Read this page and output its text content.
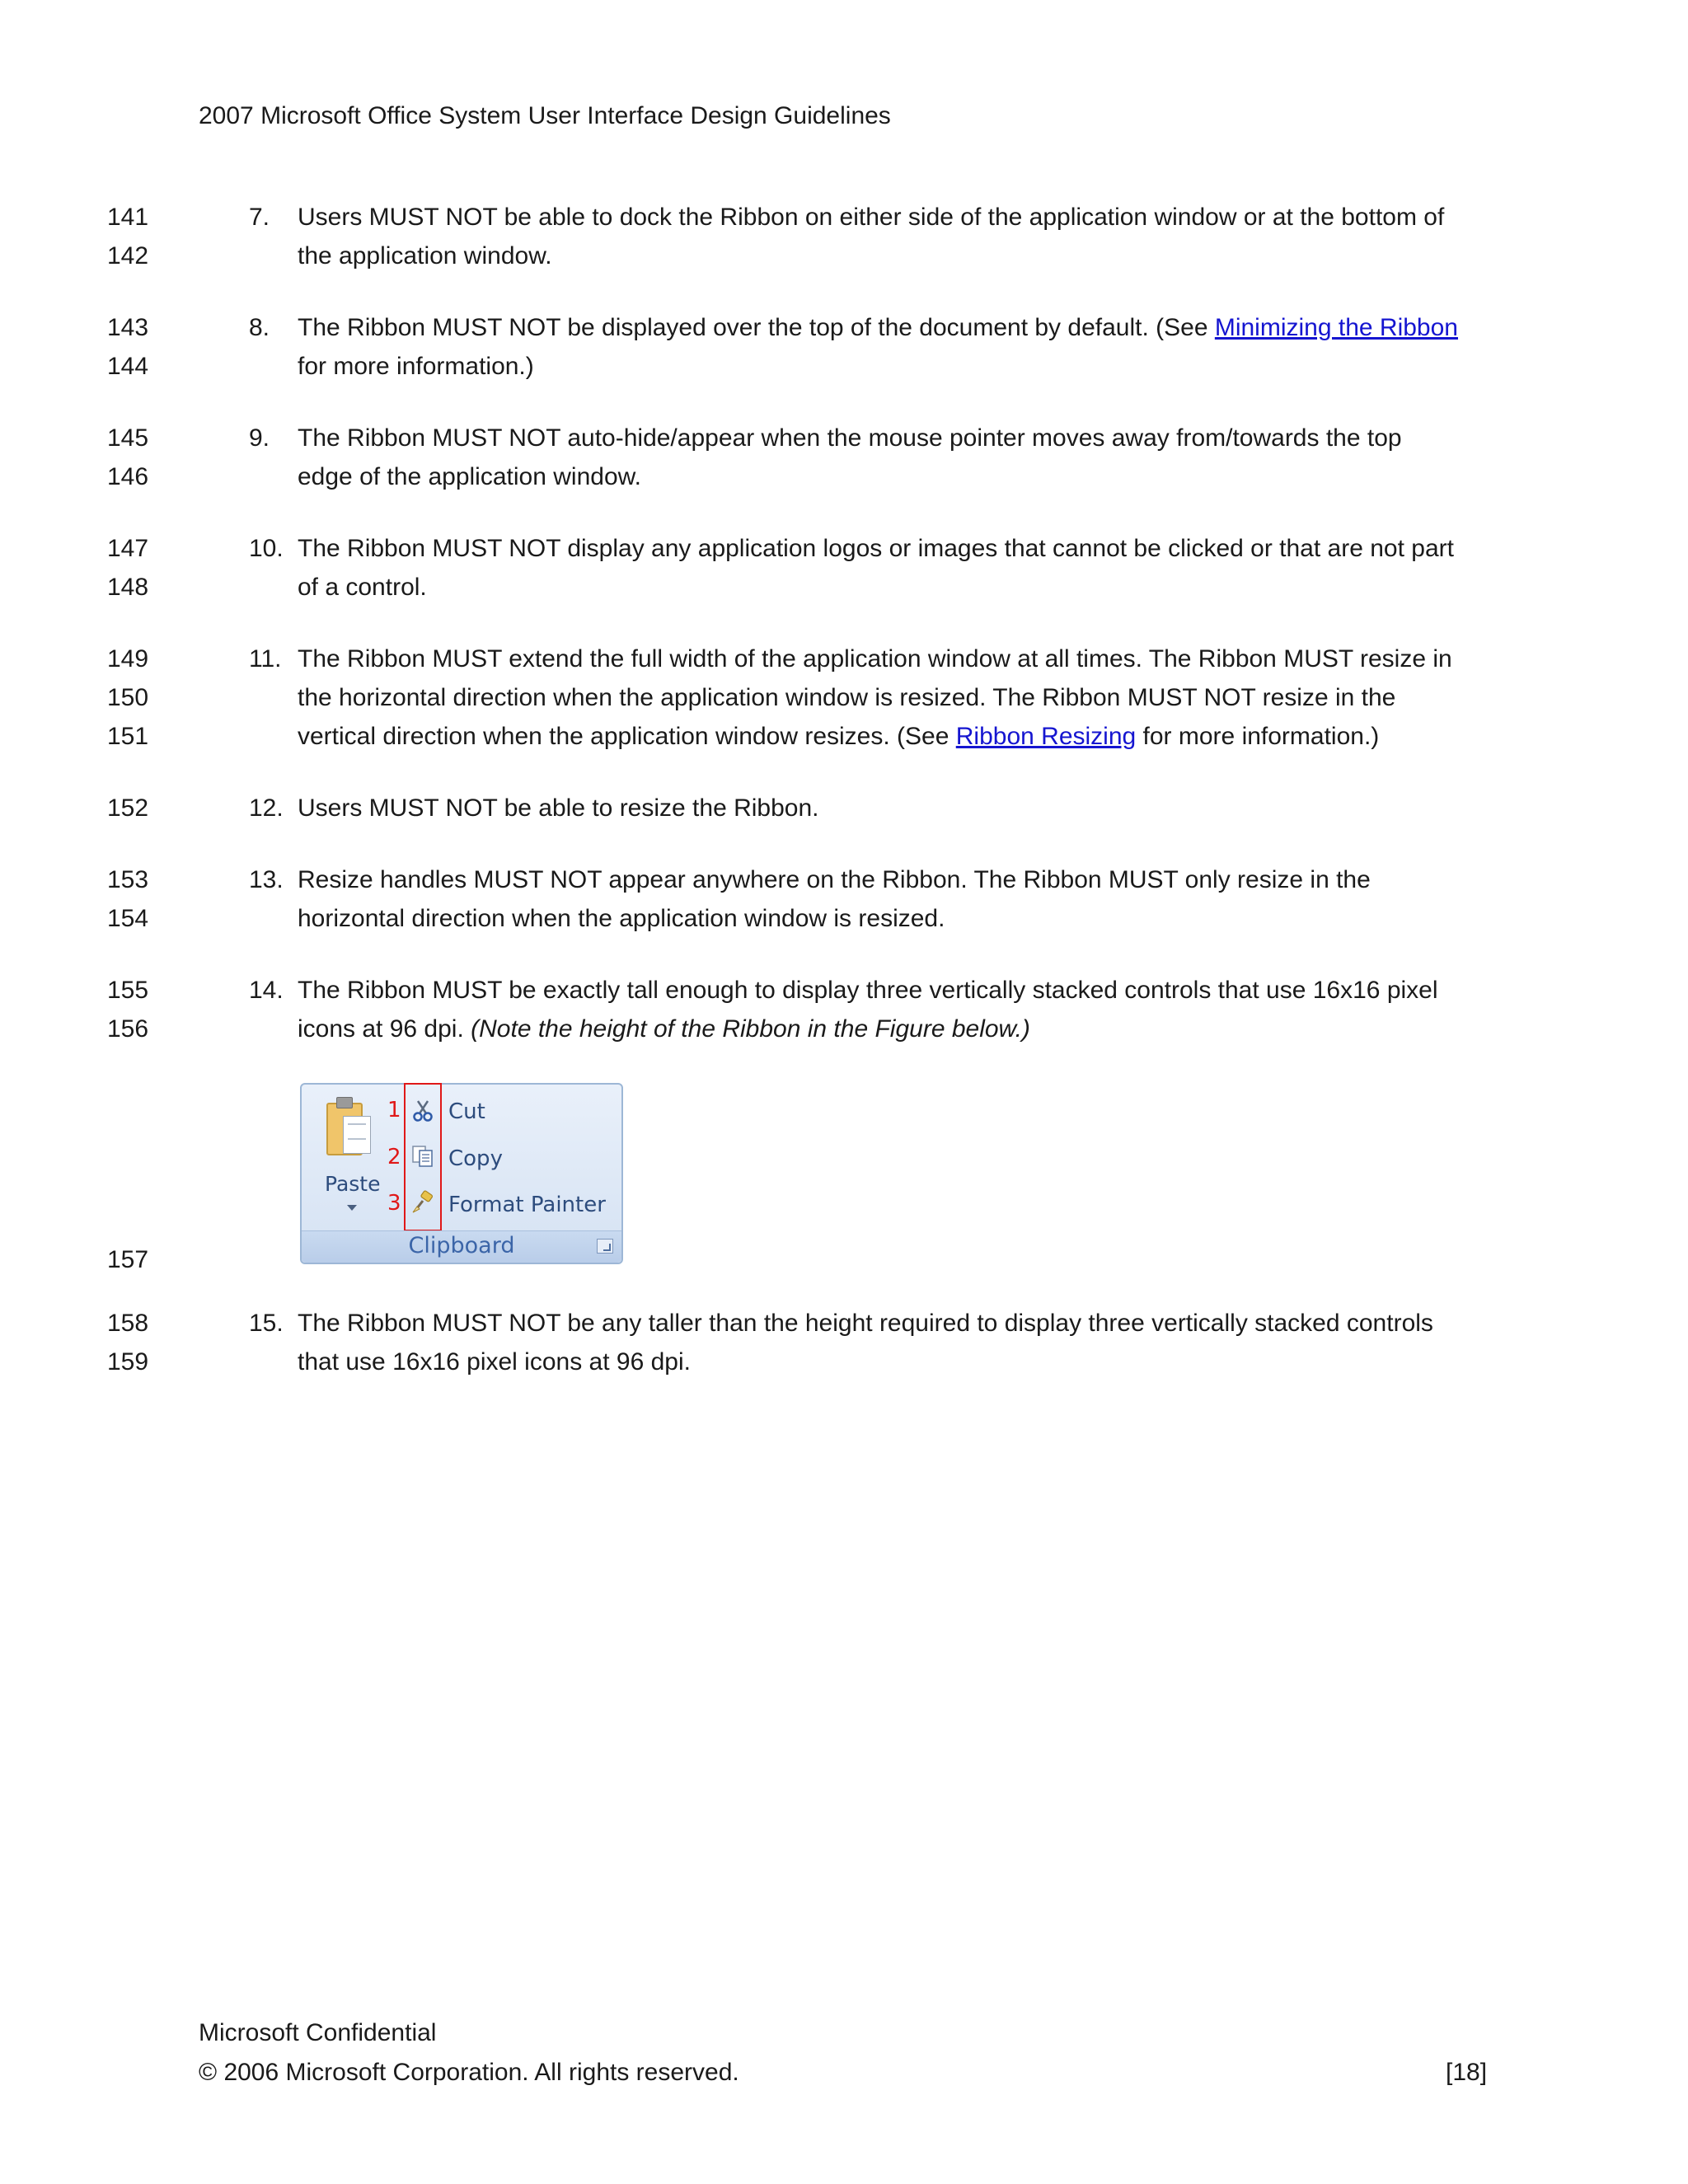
2007 Microsoft Office System User Interface Design Guidelines
141
142
143
144
145
146
147
148
149
150
151
152
153
154
155
156
157
158
159
7. Users MUST NOT be able to dock the Ribbon on either side of the application window or at the bottom of
the application window.
8. The Ribbon MUST NOT be displayed over the top of the document by default. (See Minimizing the Ribbon
for more information.)
9. The Ribbon MUST NOT auto-hide/appear when the mouse pointer moves away from/towards the top
edge of the application window.
10. The Ribbon MUST NOT display any application logos or images that cannot be clicked or that are not part
of a control.
11. The Ribbon MUST extend the full width of the application window at all times. The Ribbon MUST resize in
the horizontal direction when the application window is resized. The Ribbon MUST NOT resize in the
vertical direction when the application window resizes. (See Ribbon Resizing for more information.)
12. Users MUST NOT be able to resize the Ribbon.
13. Resize handles MUST NOT appear anywhere on the Ribbon. The Ribbon MUST only resize in the
horizontal direction when the application window is resized.
14. The Ribbon MUST be exactly tall enough to display three vertically stacked controls that use 16x16 pixel
icons at 96 dpi. (Note the height of the Ribbon in the Figure below.)
Paste
1
2
3
Cut
Copy
Format Painter
Clipboard
15. The Ribbon MUST NOT be any taller than the height required to display three vertically stacked controls
that use 16x16 pixel icons at 96 dpi.
Microsoft Confidential
© 2006 Microsoft Corporation. All rights reserved.	[18]
